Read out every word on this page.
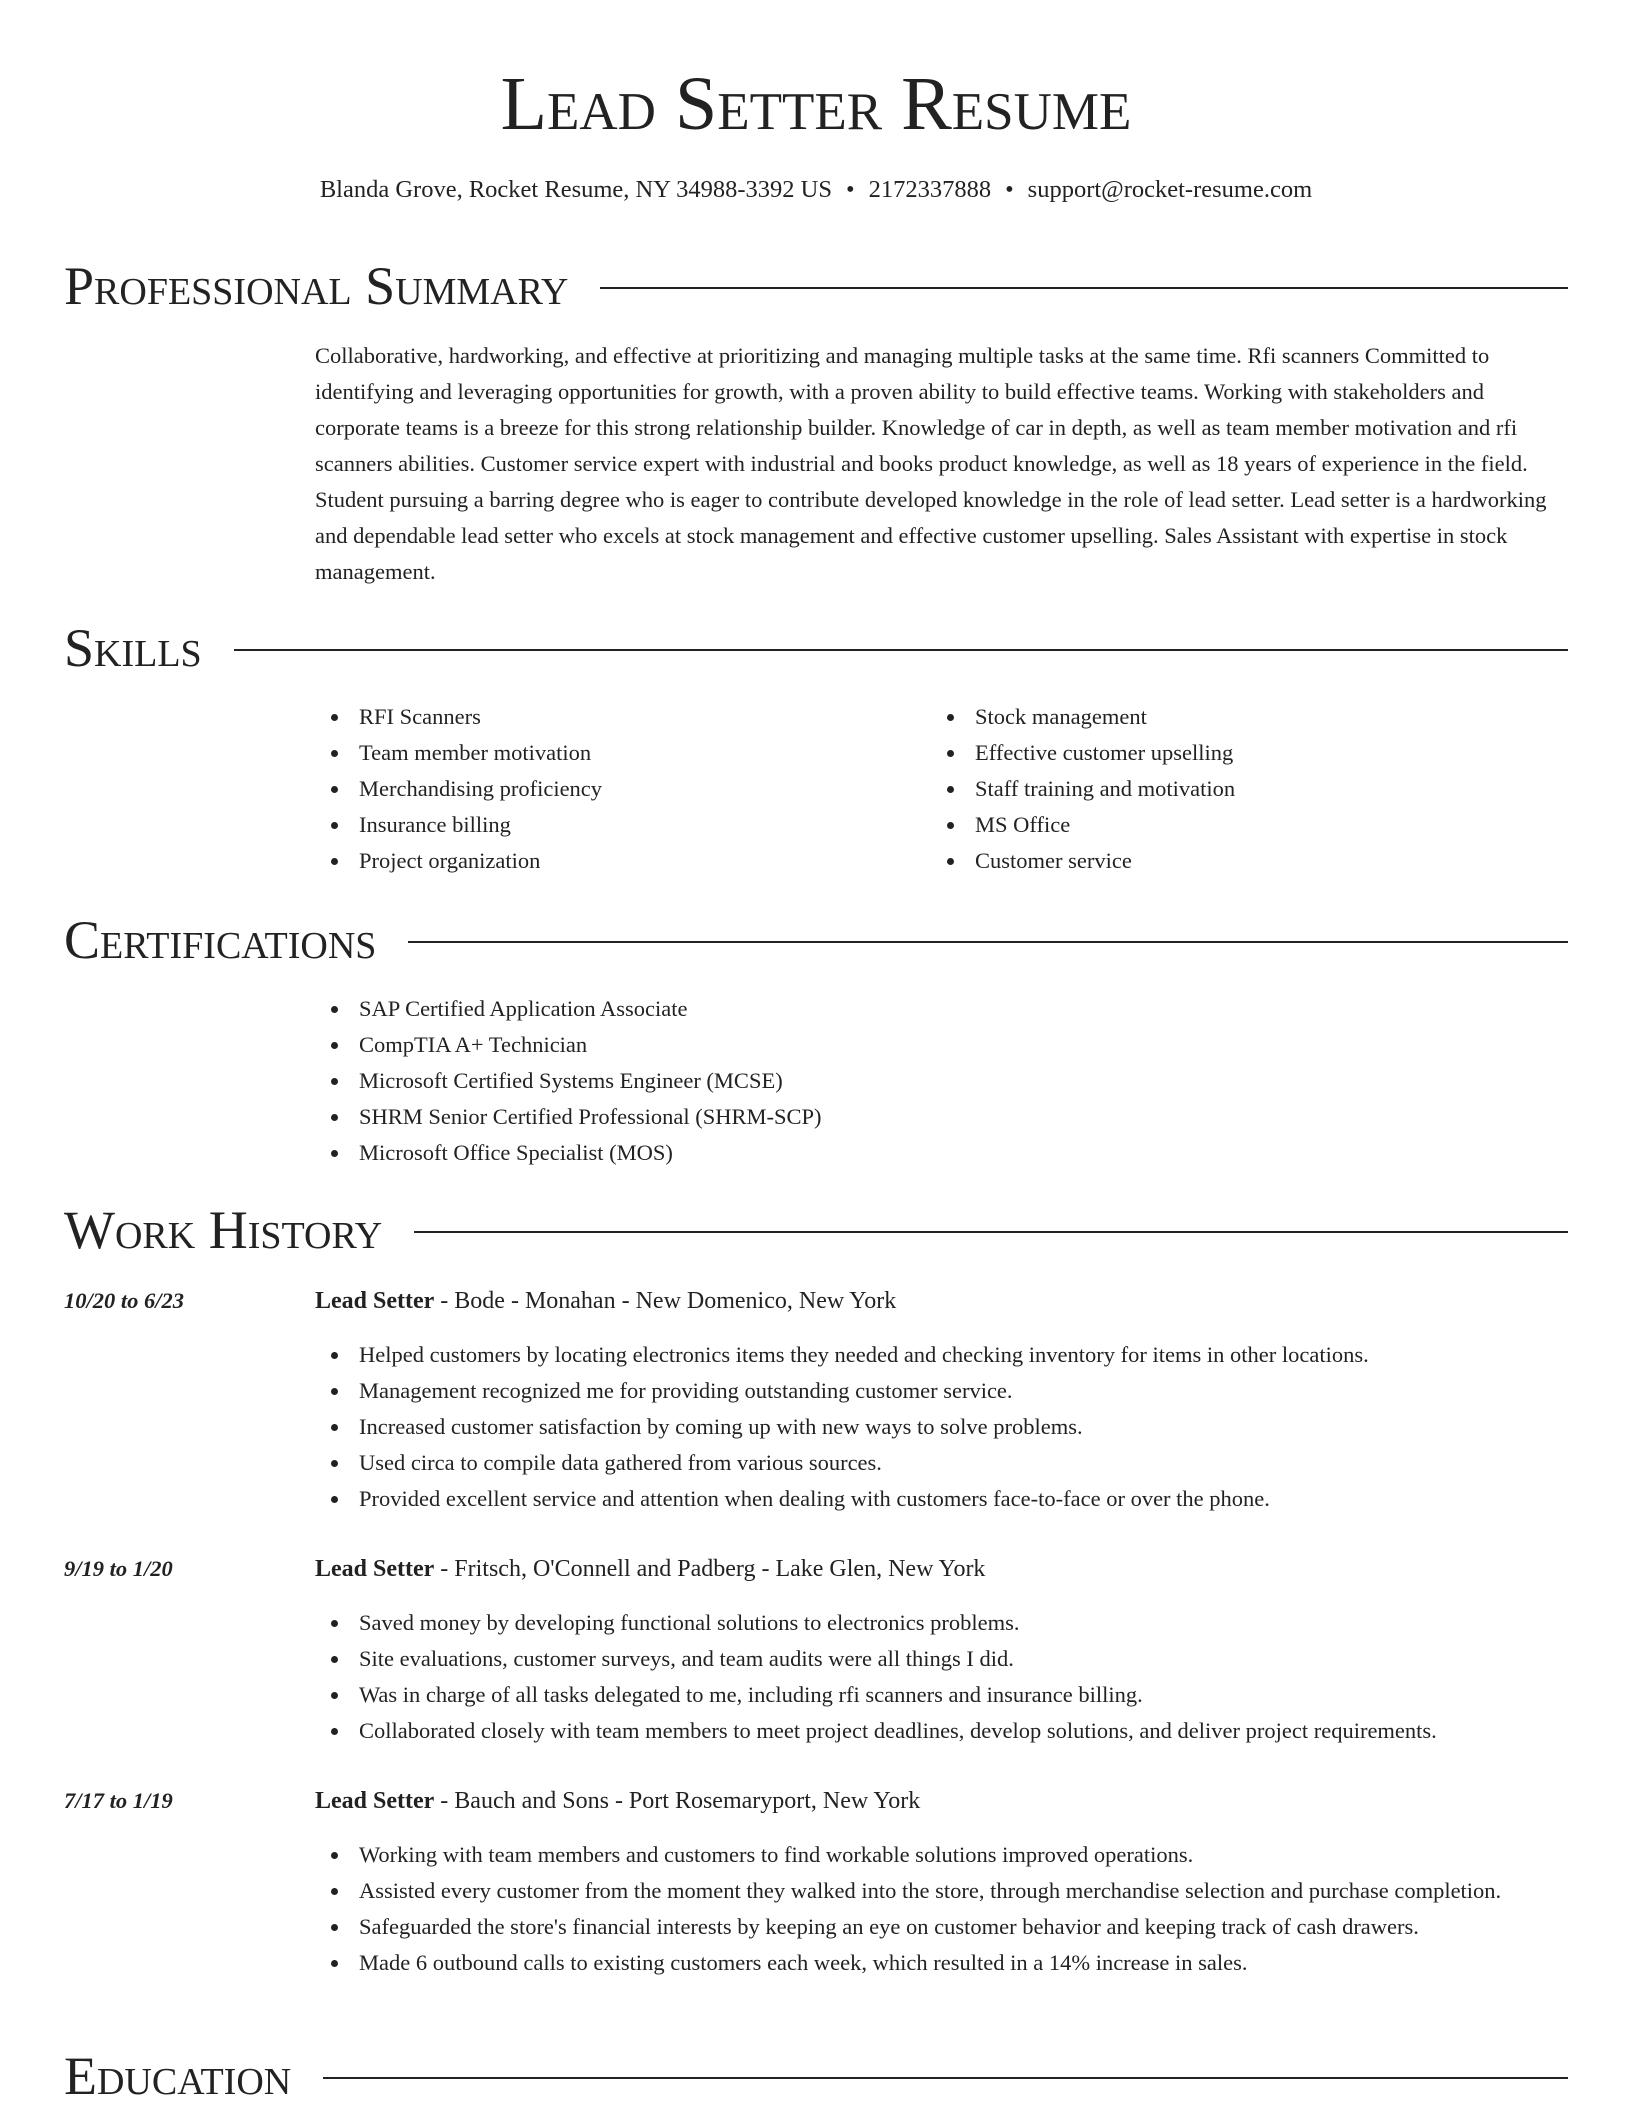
Lead Setter Resume
Blanda Grove, Rocket Resume, NY 34988-3392 US • 2172337888 • support@rocket-resume.com
Professional Summary

Collaborative, hardworking, and effective at prioritizing and managing multiple tasks at the same time. Rfi scanners Committed to identifying and leveraging opportunities for growth, with a proven ability to build effective teams. Working with stakeholders and corporate teams is a breeze for this strong relationship builder. Knowledge of car in depth, as well as team member motivation and rfi scanners abilities. Customer service expert with industrial and books product knowledge, as well as 18 years of experience in the field. Student pursuing a barring degree who is eager to contribute developed knowledge in the role of lead setter. Lead setter is a hardworking and dependable lead setter who excels at stock management and effective customer upselling. Sales Assistant with expertise in stock management.

Skills
RFI Scanners
Team member motivation
Merchandising proficiency
Insurance billing
Project organization
Stock management
Effective customer upselling
Staff training and motivation
MS Office
Customer service
Certifications
SAP Certified Application Associate
CompTIA A+ Technician
Microsoft Certified Systems Engineer (MCSE)
SHRM Senior Certified Professional (SHRM-SCP)
Microsoft Office Specialist (MOS)
Work History
10/20 to 6/23	Lead Setter - Bode - Monahan - New Domenico, New York
Helped customers by locating electronics items they needed and checking inventory for items in other locations.
Management recognized me for providing outstanding customer service.
Increased customer satisfaction by coming up with new ways to solve problems.
Used circa to compile data gathered from various sources.
Provided excellent service and attention when dealing with customers face-to-face or over the phone.
9/19 to 1/20	Lead Setter - Fritsch, O'Connell and Padberg - Lake Glen, New York
Saved money by developing functional solutions to electronics problems.
Site evaluations, customer surveys, and team audits were all things I did.
Was in charge of all tasks delegated to me, including rfi scanners and insurance billing.
Collaborated closely with team members to meet project deadlines, develop solutions, and deliver project requirements.
7/17 to 1/19	Lead Setter - Bauch and Sons - Port Rosemaryport, New York
Working with team members and customers to find workable solutions improved operations.
Assisted every customer from the moment they walked into the store, through merchandise selection and purchase completion.
Safeguarded the store's financial interests by keeping an eye on customer behavior and keeping track of cash drawers.
Made 6 outbound calls to existing customers each week, which resulted in a 14% increase in sales.
Education
